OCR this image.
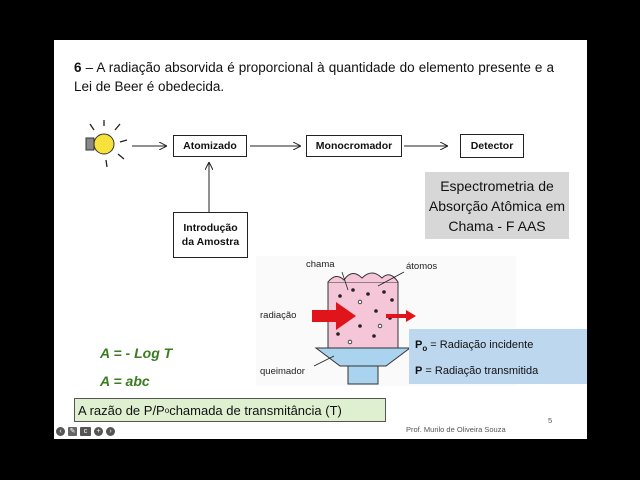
6 – A radiação absorvida é proporcional à quantidade do elemento presente e a Lei de Beer é obedecida.
Atomizado	Monocromador	Detector
Introdução
da Amostra
Espectrometria de Absorção Atômica em Chama - F AAS
chama	átomos
radiação
queimador
$P_o$ = Radiação incidente
P = Radiação transmitida
A = - Log T
A = abc
A razão de P/P o chamada de transmitância (T)
5
Prof. Murilo de Oliveira Souza
‹	✎	c	+	›
